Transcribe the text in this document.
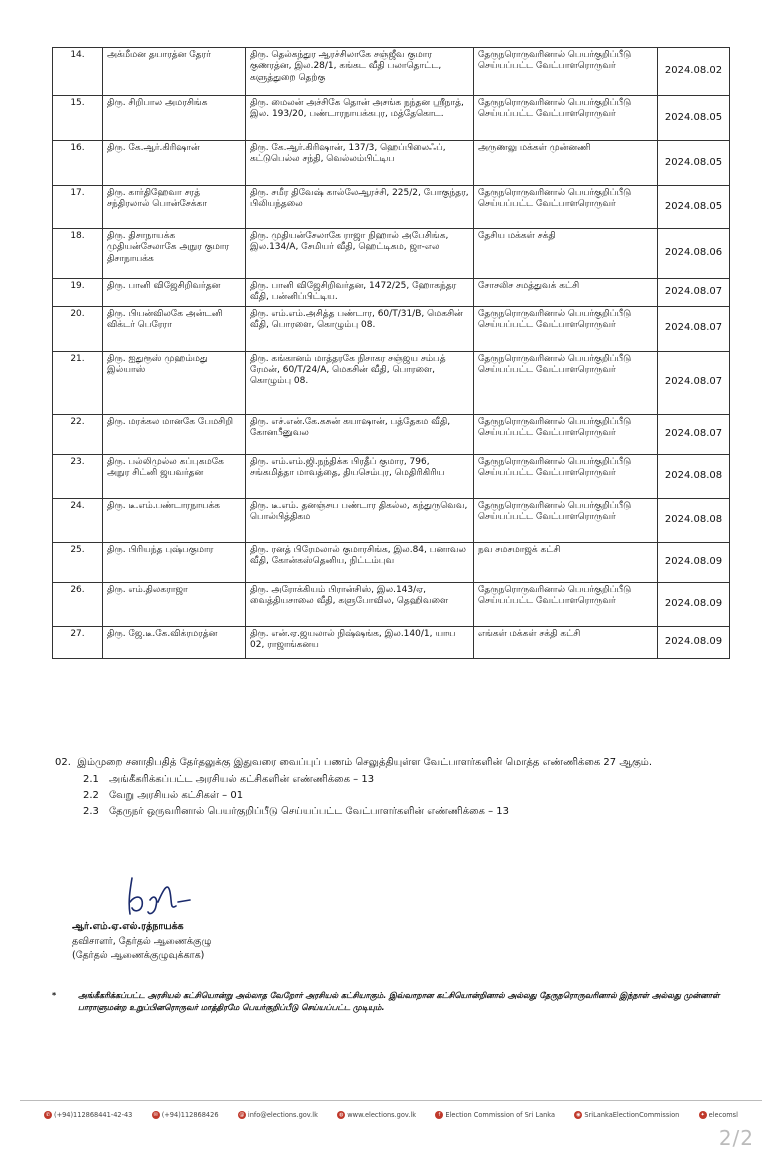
14.	அக்மீமன தயாரத்ன தேரர்	திரு. தெல்கந்துர ஆரச்சிலாகே சஞ்ஜீவ குமார குணரத்ன, இல.28/1, கங்கட வீதி பலாதொட்ட, களுத்துறை தெற்கு	தேருநரொருவரினால் பெயர்குறிப்பீடு செய்யப்பட்ட வேட்பாளரொருவர்	2024.08.02
15.	திரு. சிறிபால அமரசிங்க	திரு. மைலன் அச்சிகே தொன் அசங்க நந்தன ஸ்ரீநாத், இல. 193/20, பண்டாரநாயக்கபுர, மத்தேகொட.	தேருநரொருவரினால் பெயர்குறிப்பீடு செய்யப்பட்ட வேட்பாளரொருவர்	2024.08.05
16.	திரு. கே.ஆர்.கிரிஷான்	திரு. கே.ஆர்.கிரிஷான், 137/3, ஹெப்பிலைஃப், கட்டுபெல்ல சந்தி, வெல்லம்பிட்டிய	அருணலு மக்கள் முன்னணி	2024.08.05
17.	திரு. கார்திஹேவா சரத் சந்திரலால் பொன்சேக்கா	திரு. சமீர திவேஷ் கால்லேஆரச்சி, 225/2, போகுந்தர, பிலியந்தலை	தேருநரொருவரினால் பெயர்குறிப்பீடு செய்யப்பட்ட வேட்பாளரொருவர்	2024.08.05
18.	திரு. திசாநாயக்க முதியன்சேலாகே அநுர குமார திசாநாயக்க	திரு. முதியன்சேலாகே ராஜா நிஹால் அபேசிங்க, இல.134/A, சேமியர் வீதி, ஹெட்டிகம, ஜா-எல	தேசிய மக்கள் சக்தி	2024.08.06
19.	திரு. பானி விஜேசிறிவர்தன	திரு. பானி விஜேசிறிவர்தன, 1472/25, ஹோகந்தர வீதி, பன்னிப்பிட்டிய.	சோசலிச சமத்துவக் கட்சி	2024.08.07
20.	திரு. பியன்விலகே அன்டனி விக்டர் பெரேரா	திரு. எம்.எம்.அசித்த பண்டார, 60/T/31/B, மெகசின் வீதி, பொரளை, கொழும்பு 08.	தேருநரொருவரினால் பெயர்குறிப்பீடு செய்யப்பட்ட வேட்பாளரொருவர்	2024.08.07
21.	திரு. ஐதுரூஸ் முஹம்மது இல்யாஸ்	திரு. கங்கானம் மாத்தரகே நிசாகர சஞ்ஜய சம்பத் ரேமன், 60/T/24/A, மெகசின் வீதி, பொரளை, கொழும்பு 08.	தேருநரொருவரினால் பெயர்குறிப்பீடு செய்யப்பட்ட வேட்பாளரொருவர்	2024.08.07
22.	திரு. மரக்கல மானகே பேமசிறி	திரு. எச்.என்.கே.கசுன் கயாஷான், பத்தேகம வீதி, கோனபீனுவல	தேருநரொருவரினால் பெயர்குறிப்பீடு செய்யப்பட்ட வேட்பாளரொருவர்	2024.08.07
23.	திரு. பல்லிமுல்ல கப்புகமகே அநுர சிட்னி ஜயவர்தன	திரு. எம்.எம்.ஜி.நந்திக்க பிரதீப் குமார, 796, சங்கமித்தா மாவத்தை, தியசெம்புர, மெதிரிகிரிய	தேருநரொருவரினால் பெயர்குறிப்பீடு செய்யப்பட்ட வேட்பாளரொருவர்	2024.08.08
24.	திரு. டீ.எம்.பண்டாரநாயக்க	திரு. டீ.எம். தனஞ்சய பண்டார திகல்ல, கந்துருவெவ, பொல்பித்திகம	தேருநரொருவரினால் பெயர்குறிப்பீடு செய்யப்பட்ட வேட்பாளரொருவர்	2024.08.08
25.	திரு. பிரியந்த புஷ்பகுமார	திரு. ரனத் பிரேமலால் குமாரசிங்க, இல.84, பனாவல வீதி, கோன்கஸ்தெனிய, நிட்டம்புவ	நவ சமசமாஜக் கட்சி	2024.08.09
26.	திரு. எம்.திலகராஜா	திரு. அரோக்கியம் பிரான்சிஸ், இல.143/ஏ, வைத்தியசாலை வீதி, களுபோவில, தெஹிவளை	தேருநரொருவரினால் பெயர்குறிப்பீடு செய்யப்பட்ட வேட்பாளரொருவர்	2024.08.09
27.	திரு. ஜே.டீ.கே.விக்ரமரத்ன	திரு. என்.ஏ.ஜயலால் நிஷ்ஷங்க, இல.140/1, யாய 02, ராஜாங்கனய	எங்கள் மக்கள் சக்தி கட்சி	2024.08.09

02. இம்முறை சனாதிபதித் தேர்தலுக்கு இதுவரை வைப்புப் பணம் செலுத்தியுள்ள வேட்பாளர்களின் மொத்த எண்ணிக்கை 27 ஆகும்.

2.1 அங்கீகரிக்கப்பட்ட அரசியல் கட்சிகளின் எண்ணிக்கை – 13
2.2 வேறு அரசியல் கட்சிகள் – 01
2.3 தேருநர் ஒருவரினால் பெயர்குறிப்பீடு செய்யப்பட்ட வேட்பாளர்களின் எண்ணிக்கை – 13
ஆர்.எம்.ஏ.எல்.ரத்நாயக்க
தவிசாளர், தேர்தல் ஆணைக்குழு
(தேர்தல் ஆணைக்குழுவுக்காக)
*	அங்கீகரிக்கப்பட்ட அரசியல் கட்சியொன்று அல்லாத வேறோர் அரசியல் கட்சியாகும். இவ்வாறான கட்சியொன்றினால் அல்லது தேருநரொருவரினால் இந்நாள் அல்லது முன்னாள் பாராளுமன்ற உறுப்பினரொருவர் மாத்திரமே பெயர்குறிப்பீடு செய்யப்பட்ட முடியும்.
✆ (+94)112868441-42-43	✉ (+94)112868426	@ info@elections.gov.lk	◍ www.elections.gov.lk	f Election Commission of Sri Lanka	◉ SriLankaElectionCommission	✦ elecomsl
2/2
